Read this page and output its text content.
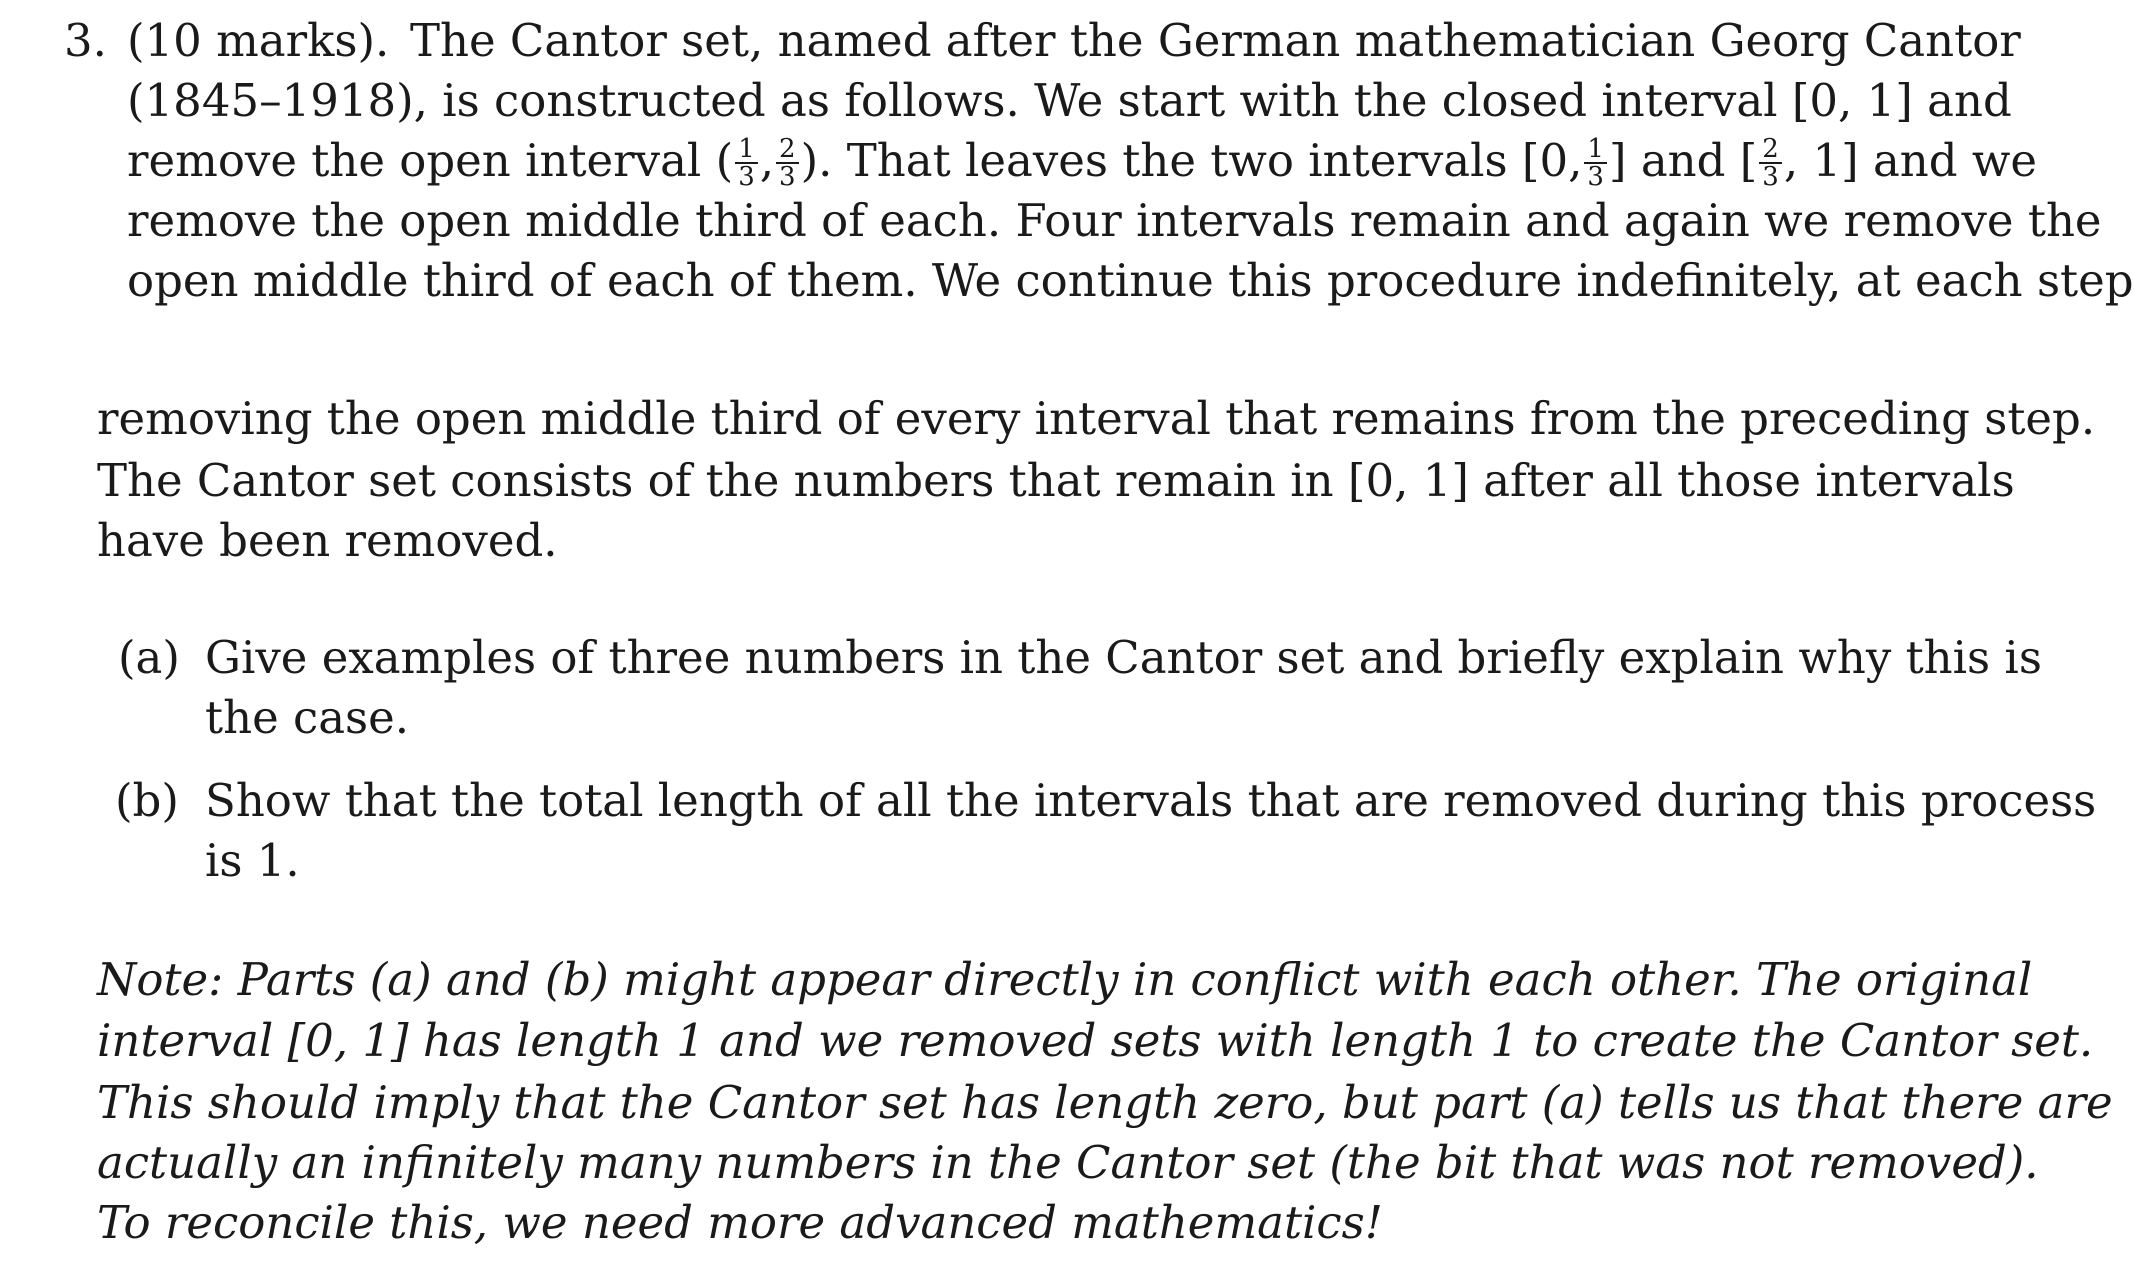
3. (10 marks). The Cantor set, named after the German mathematician Georg Cantor
(1845–1918), is constructed as follows. We start with the closed interval [0, 1] and
remove the open interval ( $\frac{1}{3}$ , $\frac{2}{3}$ ). That leaves the two intervals [0, $\frac{1}{3}$ ] and [ $\frac{2}{3}$ , 1] and we
remove the open middle third of each. Four intervals remain and again we remove the
open middle third of each of them. We continue this procedure indefinitely, at each step
removing the open middle third of every interval that remains from the preceding step.
The Cantor set consists of the numbers that remain in [0, 1] after all those intervals
have been removed.
(a) Give examples of three numbers in the Cantor set and briefly explain why this is
the case.
(b) Show that the total length of all the intervals that are removed during this process
is 1.
Note: Parts (a) and (b) might appear directly in conflict with each other. The original
interval [0, 1] has length 1 and we removed sets with length 1 to create the Cantor set.
This should imply that the Cantor set has length zero, but part (a) tells us that there are
actually an infinitely many numbers in the Cantor set (the bit that was not removed).
To reconcile this, we need more advanced mathematics!
